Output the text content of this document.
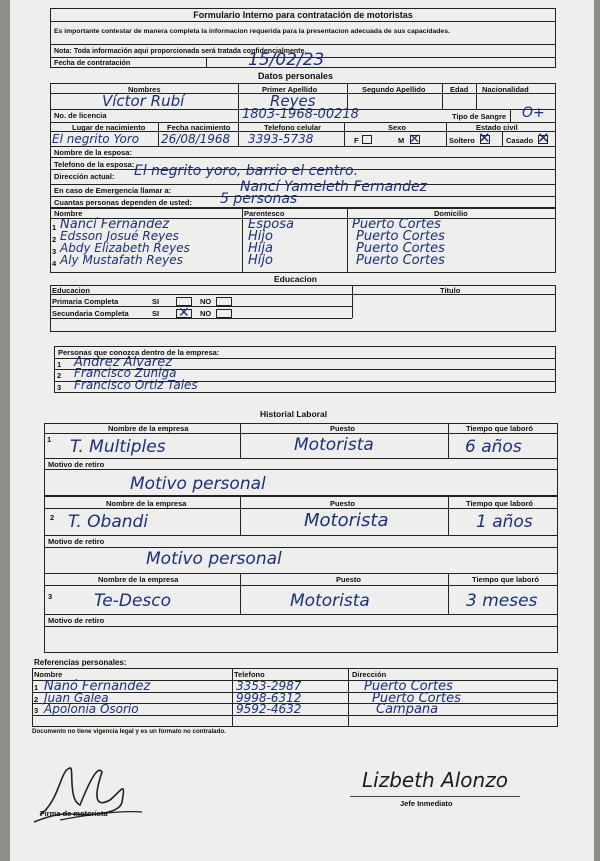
Formulario Interno para contratación de motoristas
Es importante contestar de manera completa la informacion requerida para la presentacion adecuada de sus capacidades.
Nota: Toda información aqui proporcionada será tratada confidencialmente.
Fecha de contratación	15/02/23
Datos personales
Nombres	Primer Apellido	Segundo Apellido	Edad Nacionalidad
Víctor Rubí	Reyes
No. de licencia	1803-1968-00218	Tipo de Sangre O+
Lugar de nacimiento	Fecha nacimiento	Telefono celular	Sexo	Estado civil
El negrito Yoro 26/08/1968 3393-5738	F	M ✕	Soltero ✕ Casado ✕
Nombre de la esposa:
Telefono de la esposa:
Dirección actual: El negrito yoro, barrio el centro.
En caso de Emergencia llamar a:	Nancí Yameleth Fernandez
Cuantas personas dependen de usted: 5 personas
Nombre	Parentesco	Domicilio
1 Nancí Fernandez	Esposa	Puerto Cortes
2 Edsson Josué Reyes	Hijo	Puerto Cortes
3 Abdy Elizabeth Reyes	Hija	Puerto Cortes
4 Aly Mustafath Reyes	Hijo	Puerto Cortes
Educacion
Educacion	Titulo
Primaria Completa	SI	NO
Secundaria Completa	SI ✕ NO
Personas que conozca dentro de la empresa:
1 Andrez Alvarez
2 Francisco Zuniga
3 Francisco Ortiz Tales
Historial Laboral
Nombre de la empresa	Puesto	Tiempo que laboró
1 T. Multiples	Motorista	6 años
Motivo de retiro
Motivo personal
Nombre de la empresa	Puesto	Tiempo que laboró
2 T. Obandi	Motorista	1 años
Motivo de retiro
Motivo personal
Nombre de la empresa	Puesto	Tiempo que laboró
3 Te-Desco	Motorista	3 meses
Motivo de retiro
Referencias personales:
Nombre	Telefono	Dirección
1 Nanó Fernandez	3353-2987	Puerto Cortes
2 Juan Galea	9998-6312	Puerto Cortes
3 Apolonia Osorio	9592-4632	Campana
Documento no tiene vigencia legal y es un formato no contralado.
Firma de motorista
Lizbeth Alonzo
Jefe Inmediato
